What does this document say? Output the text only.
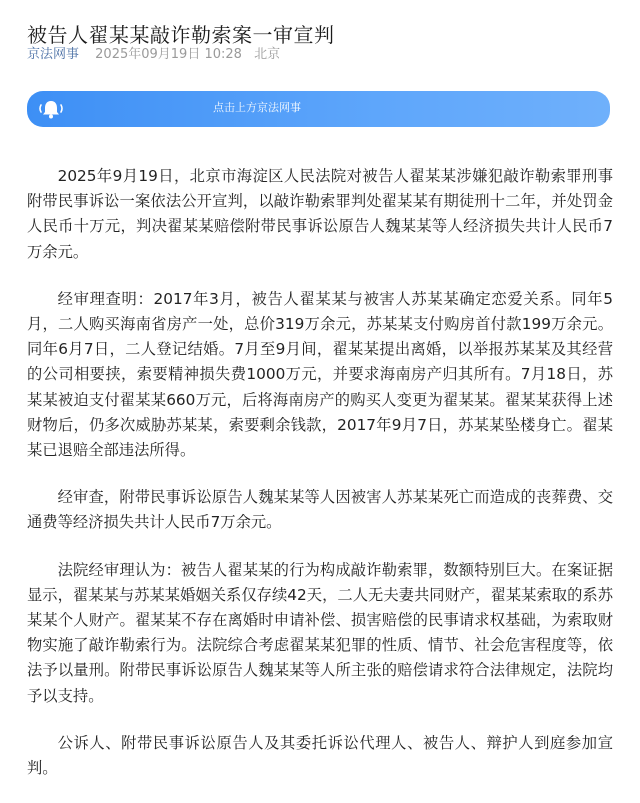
被告人翟某某敲诈勒索案一审宣判
京法网事 2025年09月19日 10:28 北京
点击上方京法网事

2025年9月19日，北京市海淀区人民法院对被告人翟某某涉嫌犯敲诈勒索罪刑事附带民事诉讼一案依法公开宣判，以敲诈勒索罪判处翟某某有期徒刑十二年，并处罚金人民币十万元，判决翟某某赔偿附带民事诉讼原告人魏某某等人经济损失共计人民币7万余元。

经审理查明：2017年3月，被告人翟某某与被害人苏某某确定恋爱关系。同年5月，二人购买海南省房产一处，总价319万余元，苏某某支付购房首付款199万余元。同年6月7日，二人登记结婚。7月至9月间，翟某某提出离婚，以举报苏某某及其经营的公司相要挟，索要精神损失费1000万元，并要求海南房产归其所有。7月18日，苏某某被迫支付翟某某660万元，后将海南房产的购买人变更为翟某某。翟某某获得上述财物后，仍多次威胁苏某某，索要剩余钱款，2017年9月7日，苏某某坠楼身亡。翟某某已退赔全部违法所得。

经审查，附带民事诉讼原告人魏某某等人因被害人苏某某死亡而造成的丧葬费、交通费等经济损失共计人民币7万余元。

法院经审理认为：被告人翟某某的行为构成敲诈勒索罪，数额特别巨大。在案证据显示，翟某某与苏某某婚姻关系仅存续42天，二人无夫妻共同财产，翟某某索取的系苏某某个人财产。翟某某不存在离婚时申请补偿、损害赔偿的民事请求权基础，为索取财物实施了敲诈勒索行为。法院综合考虑翟某某犯罪的性质、情节、社会危害程度等，依法予以量刑。附带民事诉讼原告人魏某某等人所主张的赔偿请求符合法律规定，法院均予以支持。

公诉人、附带民事诉讼原告人及其委托诉讼代理人、被告人、辩护人到庭参加宣判。
